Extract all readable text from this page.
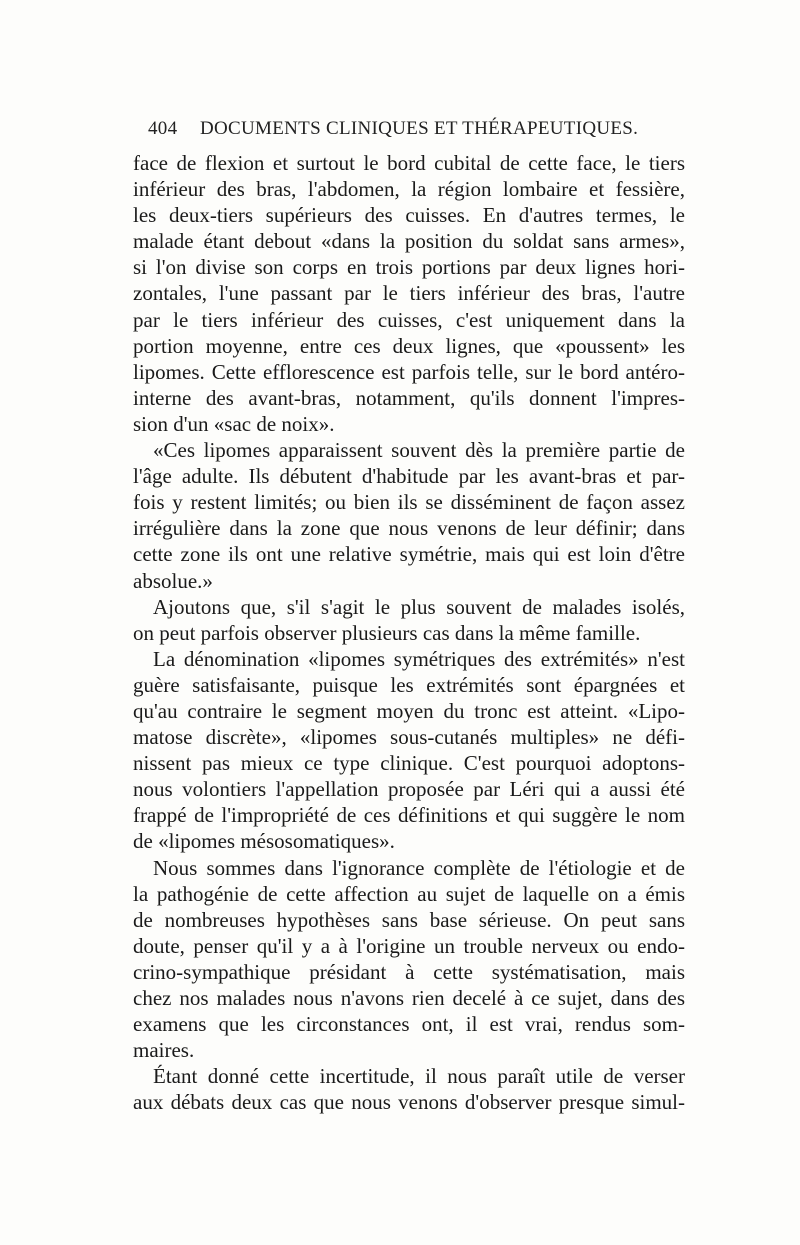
404 DOCUMENTS CLINIQUES ET THÉRAPEUTIQUES.
face de flexion et surtout le bord cubital de cette face, le tiers
inférieur des bras, l'abdomen, la région lombaire et fessière,
les deux-tiers supérieurs des cuisses. En d'autres termes, le
malade étant debout «dans la position du soldat sans armes»,
si l'on divise son corps en trois portions par deux lignes hori-
zontales, l'une passant par le tiers inférieur des bras, l'autre
par le tiers inférieur des cuisses, c'est uniquement dans la
portion moyenne, entre ces deux lignes, que «poussent» les
lipomes. Cette efflorescence est parfois telle, sur le bord antéro-
interne des avant-bras, notamment, qu'ils donnent l'impres-
sion d'un «sac de noix».
«Ces lipomes apparaissent souvent dès la première partie de
l'âge adulte. Ils débutent d'habitude par les avant-bras et par-
fois y restent limités; ou bien ils se disséminent de façon assez
irrégulière dans la zone que nous venons de leur définir; dans
cette zone ils ont une relative symétrie, mais qui est loin d'être
absolue.»
Ajoutons que, s'il s'agit le plus souvent de malades isolés,
on peut parfois observer plusieurs cas dans la même famille.
La dénomination «lipomes symétriques des extrémités» n'est
guère satisfaisante, puisque les extrémités sont épargnées et
qu'au contraire le segment moyen du tronc est atteint. «Lipo-
matose discrète», «lipomes sous-cutanés multiples» ne défi-
nissent pas mieux ce type clinique. C'est pourquoi adoptons-
nous volontiers l'appellation proposée par Léri qui a aussi été
frappé de l'impropriété de ces définitions et qui suggère le nom
de «lipomes mésosomatiques».
Nous sommes dans l'ignorance complète de l'étiologie et de
la pathogénie de cette affection au sujet de laquelle on a émis
de nombreuses hypothèses sans base sérieuse. On peut sans
doute, penser qu'il y a à l'origine un trouble nerveux ou endo-
crino-sympathique présidant à cette systématisation, mais
chez nos malades nous n'avons rien decelé à ce sujet, dans des
examens que les circonstances ont, il est vrai, rendus som-
maires.
Étant donné cette incertitude, il nous paraît utile de verser
aux débats deux cas que nous venons d'observer presque simul-
